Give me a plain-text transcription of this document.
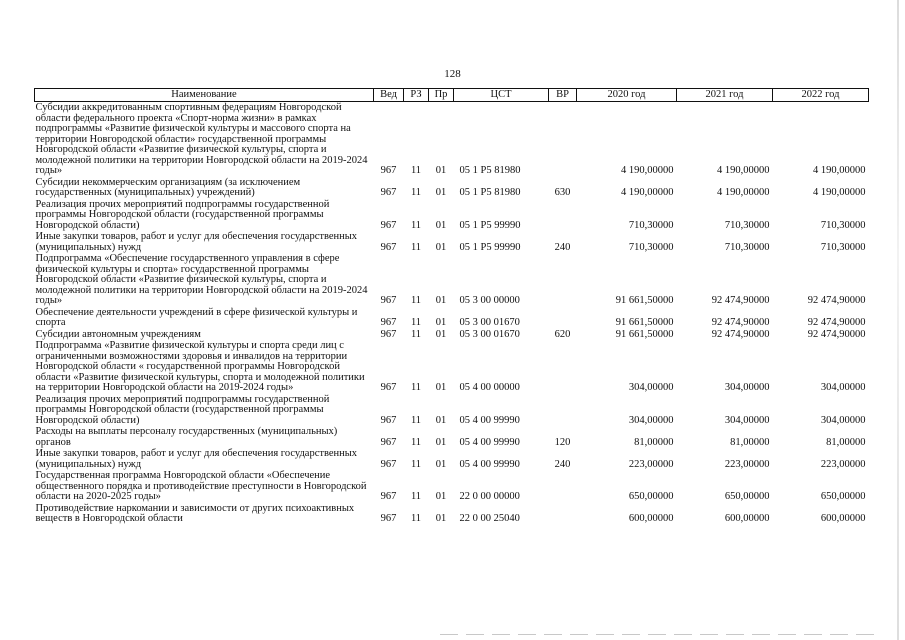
128
Наименование	Вед	РЗ	Пр	ЦСТ	ВР	2020 год	2021 год	2022 год
Субсидии аккредитованным спортивным федерациям Новгородской области федерального проекта «Спорт-норма жизни» в рамках подпрограммы «Развитие физической культуры и массового спорта на территории Новгородской области» государственной программы Новгородской области «Развитие физической культуры, спорта и молодежной политики на территории Новгородской области на 2019-2024 годы»	967	11	01	05 1 P5 81980		4 190,00000	4 190,00000	4 190,00000
Субсидии некоммерческим организациям (за исключением государственных (муниципальных) учреждений)	967	11	01	05 1 P5 81980	630	4 190,00000	4 190,00000	4 190,00000
Реализация прочих мероприятий подпрограммы государственной программы Новгородской области (государственной программы Новгородской области)	967	11	01	05 1 P5 99990		710,30000	710,30000	710,30000
Иные закупки товаров, работ и услуг для обеспечения государственных (муниципальных) нужд	967	11	01	05 1 P5 99990	240	710,30000	710,30000	710,30000
Подпрограмма «Обеспечение государственного управления в сфере физической культуры и спорта» государственной программы Новгородской области «Развитие физической культуры, спорта и молодежной политики на территории Новгородской области на 2019-2024 годы»	967	11	01	05 3 00 00000		91 661,50000	92 474,90000	92 474,90000
Обеспечение деятельности учреждений в сфере физической культуры и спорта	967	11	01	05 3 00 01670		91 661,50000	92 474,90000	92 474,90000
Субсидии автономным учреждениям	967	11	01	05 3 00 01670	620	91 661,50000	92 474,90000	92 474,90000
Подпрограмма «Развитие физической культуры и спорта среди лиц с ограниченными возможностями здоровья и инвалидов на территории Новгородской области « государственной программы Новгородской области «Развитие физической культуры, спорта и молодежной политики на территории Новгородской области на 2019-2024 годы»	967	11	01	05 4 00 00000		304,00000	304,00000	304,00000
Реализация прочих мероприятий подпрограммы государственной программы Новгородской области (государственной программы Новгородской области)	967	11	01	05 4 00 99990		304,00000	304,00000	304,00000
Расходы на выплаты персоналу государственных (муниципальных) органов	967	11	01	05 4 00 99990	120	81,00000	81,00000	81,00000
Иные закупки товаров, работ и услуг для обеспечения государственных (муниципальных) нужд	967	11	01	05 4 00 99990	240	223,00000	223,00000	223,00000
Государственная программа Новгородской области «Обеспечение общественного порядка и противодействие преступности в Новгородской области на 2020-2025 годы»	967	11	01	22 0 00 00000		650,00000	650,00000	650,00000
Противодействие наркомании и зависимости от других психоактивных веществ в Новгородской области	967	11	01	22 0 00 25040		600,00000	600,00000	600,00000
